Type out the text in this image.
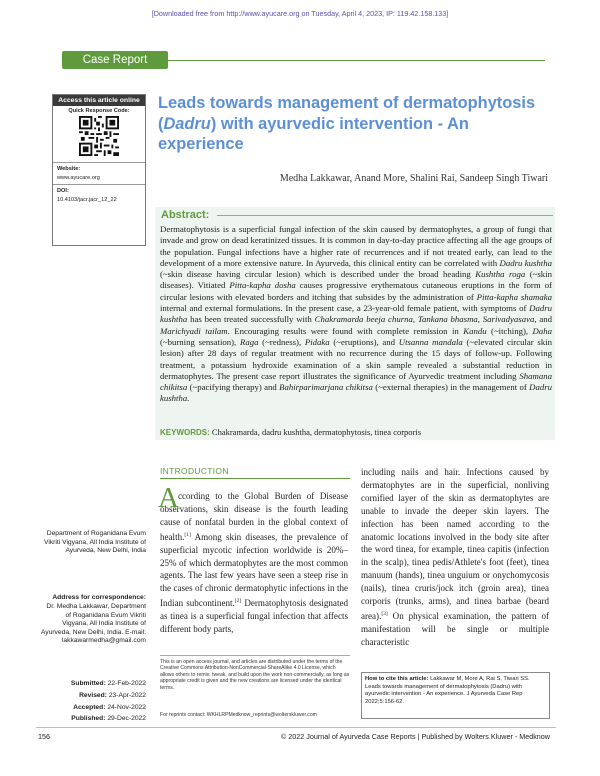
[Downloaded free from http://www.ayucare.org on Tuesday, April 4, 2023, IP: 119.42.158.133]
Case Report
Access this article online
Quick Response Code:
Website:
www.ayucare.org
DOI:
10.4103/jacr.jacr_12_22
Leads towards management of dermatophytosis (Dadru) with ayurvedic intervention - An experience
Medha Lakkawar, Anand More, Shalini Rai, Sandeep Singh Tiwari
Abstract:
Dermatophytosis is a superficial fungal infection of the skin caused by dermatophytes, a group of fungi that invade and grow on dead keratinized tissues. It is common in day-to-day practice affecting all the age groups of the population. Fungal infections have a higher rate of recurrences and if not treated early, can lead to the development of a more extensive nature. In Ayurveda, this clinical entity can be correlated with Dadru kushtha (~skin disease having circular lesion) which is described under the broad heading Kushtha roga (~skin diseases). Vitiated Pitta-kapha dosha causes progressive erythematous cutaneous eruptions in the form of circular lesions with elevated borders and itching that subsides by the administration of Pitta-kapha shamaka internal and external formulations. In the present case, a 23-year-old female patient, with symptoms of Dadru kushtha has been treated successfully with Chakramarda beeja churna, Tankana bhasma, Sarivadyasava, and Marichyadi tailam. Encouraging results were found with complete remission in Kandu (~itching), Daha (~burning sensation), Raga (~redness), Pidaka (~eruptions), and Utsanna mandala (~elevated circular skin lesion) after 28 days of regular treatment with no recurrence during the 15 days of follow-up. Following treatment, a potassium hydroxide examination of a skin sample revealed a substantial reduction in dermatophytes. The present case report illustrates the significance of Ayurvedic treatment including Shamana chikitsa (~pacifying therapy) and Bahirparimarjana chikitsa (~external therapies) in the management of Dadru kushtha.
KEYWORDS: Chakramarda, dadru kushtha, dermatophytosis, tinea corporis
INTRODUCTION
A ccording to the Global Burden of Disease observations, skin disease is the fourth leading cause of nonfatal burden in the global context of health.[1] Among skin diseases, the prevalence of superficial mycotic infection worldwide is 20%–25% of which dermatophytes are the most common agents. The last few years have seen a steep rise in the cases of chronic dermatophytic infections in the Indian subcontinent.[2] Dermatophytosis designated as tinea is a superficial fungal infection that affects different body parts,
including nails and hair. Infections caused by dermatophytes are in the superficial, nonliving cornified layer of the skin as dermatophytes are unable to invade the deeper skin layers. The infection has been named according to the anatomic locations involved in the body site after the word tinea, for example, tinea capitis (infection in the scalp), tinea pedis/Athlete's foot (feet), tinea manuum (hands), tinea unguium or onychomycosis (nails), tinea cruris/jock itch (groin area), tinea corporis (trunks, arms), and tinea barbae (beard area).[3] On physical examination, the pattern of manifestation will be single or multiple characteristic
Department of Roganidana Evum Vikriti Vigyana, All India Institute of Ayurveda, New Delhi, India
Address for correspondence:
Dr. Medha Lakkawar, Department of Roganidana Evum Vikriti Vigyana, All India Institute of Ayurveda, New Delhi, India. E-mail: lakkawarmedha@gmail.com
Submitted: 22-Feb-2022
Revised: 23-Apr-2022
Accepted: 24-Nov-2022
Published: 29-Dec-2022
This is an open access journal, and articles are distributed under the terms of the Creative Commons Attribution-NonCommercial-ShareAlike 4.0 License, which allows others to remix, tweak, and build upon the work non-commercially, as long as appropriate credit is given and the new creations are licensed under the identical terms.
For reprints contact: WKHLRPMedknow_reprints@wolterskluwer.com
How to cite this article: Lakkawar M, More A, Rai S, Tiwari SS. Leads towards management of dermatophytosis (Dadru) with ayurvedic intervention - An experience. J Ayurveda Case Rep 2022;5:156-62.
156	© 2022 Journal of Ayurveda Case Reports | Published by Wolters Kluwer - Medknow
